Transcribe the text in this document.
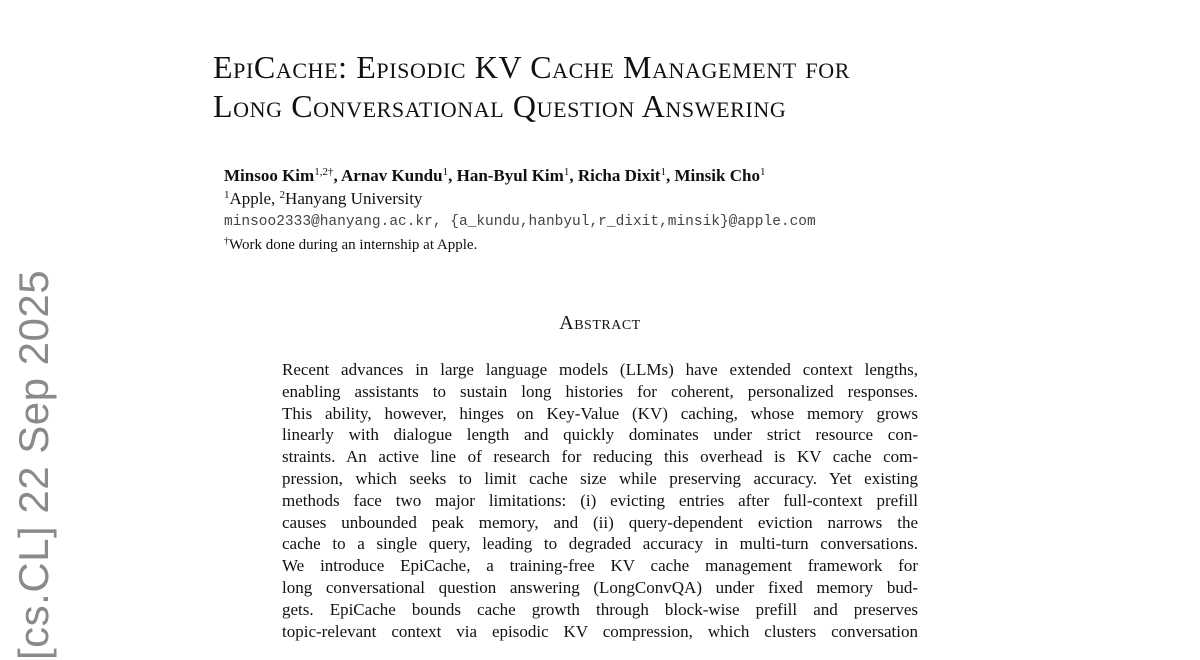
[cs.CL] 22 Sep 2025
EpiCache: Episodic KV Cache Management for
Long Conversational Question Answering
Minsoo Kim$^{1,2\dagger}$, Arnav Kundu$^1$, Han-Byul Kim$^1$, Richa Dixit$^1$, Minsik Cho$^1$
$^1$Apple, $^2$Hanyang University
minsoo2333@hanyang.ac.kr, {a_kundu,hanbyul,r_dixit,minsik}@apple.com
†Work done during an internship at Apple.
Abstract
Recent advances in large language models (LLMs) have extended context lengths,
enabling assistants to sustain long histories for coherent, personalized responses.
This ability, however, hinges on Key-Value (KV) caching, whose memory grows
linearly with dialogue length and quickly dominates under strict resource con-
straints. An active line of research for reducing this overhead is KV cache com-
pression, which seeks to limit cache size while preserving accuracy. Yet existing
methods face two major limitations: (i) evicting entries after full-context prefill
causes unbounded peak memory, and (ii) query-dependent eviction narrows the
cache to a single query, leading to degraded accuracy in multi-turn conversations.
We introduce EpiCache, a training-free KV cache management framework for
long conversational question answering (LongConvQA) under fixed memory bud-
gets. EpiCache bounds cache growth through block-wise prefill and preserves
topic-relevant context via episodic KV compression, which clusters conversation
